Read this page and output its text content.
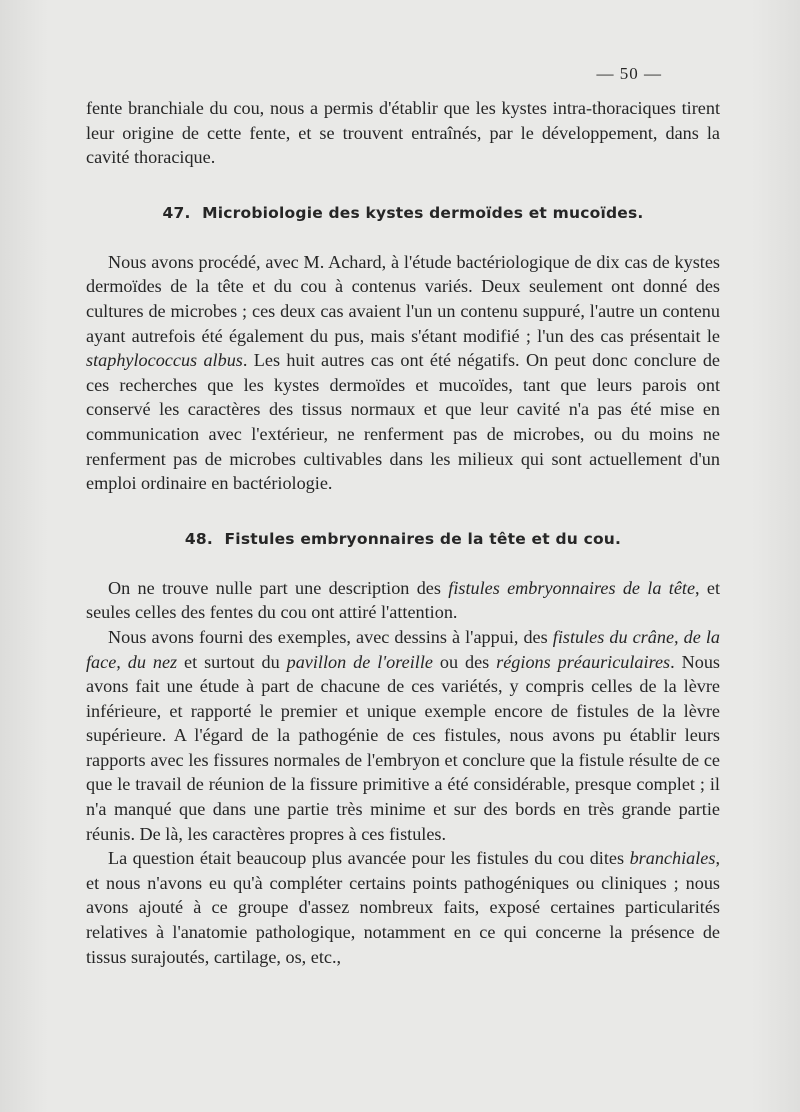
— 50 —

fente branchiale du cou, nous a permis d'établir que les kystes intra-thoraciques tirent leur origine de cette fente, et se trouvent entraînés, par le développement, dans la cavité thoracique.

47. Microbiologie des kystes dermoïdes et mucoïdes.

Nous avons procédé, avec M. Achard, à l'étude bactériologique de dix cas de kystes dermoïdes de la tête et du cou à contenus variés. Deux seulement ont donné des cultures de microbes ; ces deux cas avaient l'un un contenu suppuré, l'autre un contenu ayant autrefois été également du pus, mais s'étant modifié ; l'un des cas présentait le staphylococcus albus. Les huit autres cas ont été négatifs. On peut donc conclure de ces recherches que les kystes dermoïdes et mucoïdes, tant que leurs parois ont conservé les caractères des tissus normaux et que leur cavité n'a pas été mise en communication avec l'extérieur, ne renferment pas de microbes, ou du moins ne renferment pas de microbes cultivables dans les milieux qui sont actuellement d'un emploi ordinaire en bactériologie.

48. Fistules embryonnaires de la tête et du cou.

On ne trouve nulle part une description des fistules embryonnaires de la tête, et seules celles des fentes du cou ont attiré l'attention.

Nous avons fourni des exemples, avec dessins à l'appui, des fistules du crâne, de la face, du nez et surtout du pavillon de l'oreille ou des régions préauriculaires. Nous avons fait une étude à part de chacune de ces variétés, y compris celles de la lèvre inférieure, et rapporté le premier et unique exemple encore de fistules de la lèvre supérieure. A l'égard de la pathogénie de ces fistules, nous avons pu établir leurs rapports avec les fissures normales de l'embryon et conclure que la fistule résulte de ce que le travail de réunion de la fissure primitive a été considérable, presque complet ; il n'a manqué que dans une partie très minime et sur des bords en très grande partie réunis. De là, les caractères propres à ces fistules.

La question était beaucoup plus avancée pour les fistules du cou dites branchiales, et nous n'avons eu qu'à compléter certains points pathogéniques ou cliniques ; nous avons ajouté à ce groupe d'assez nombreux faits, exposé certaines particularités relatives à l'anatomie pathologique, notamment en ce qui concerne la présence de tissus surajoutés, cartilage, os, etc.,
